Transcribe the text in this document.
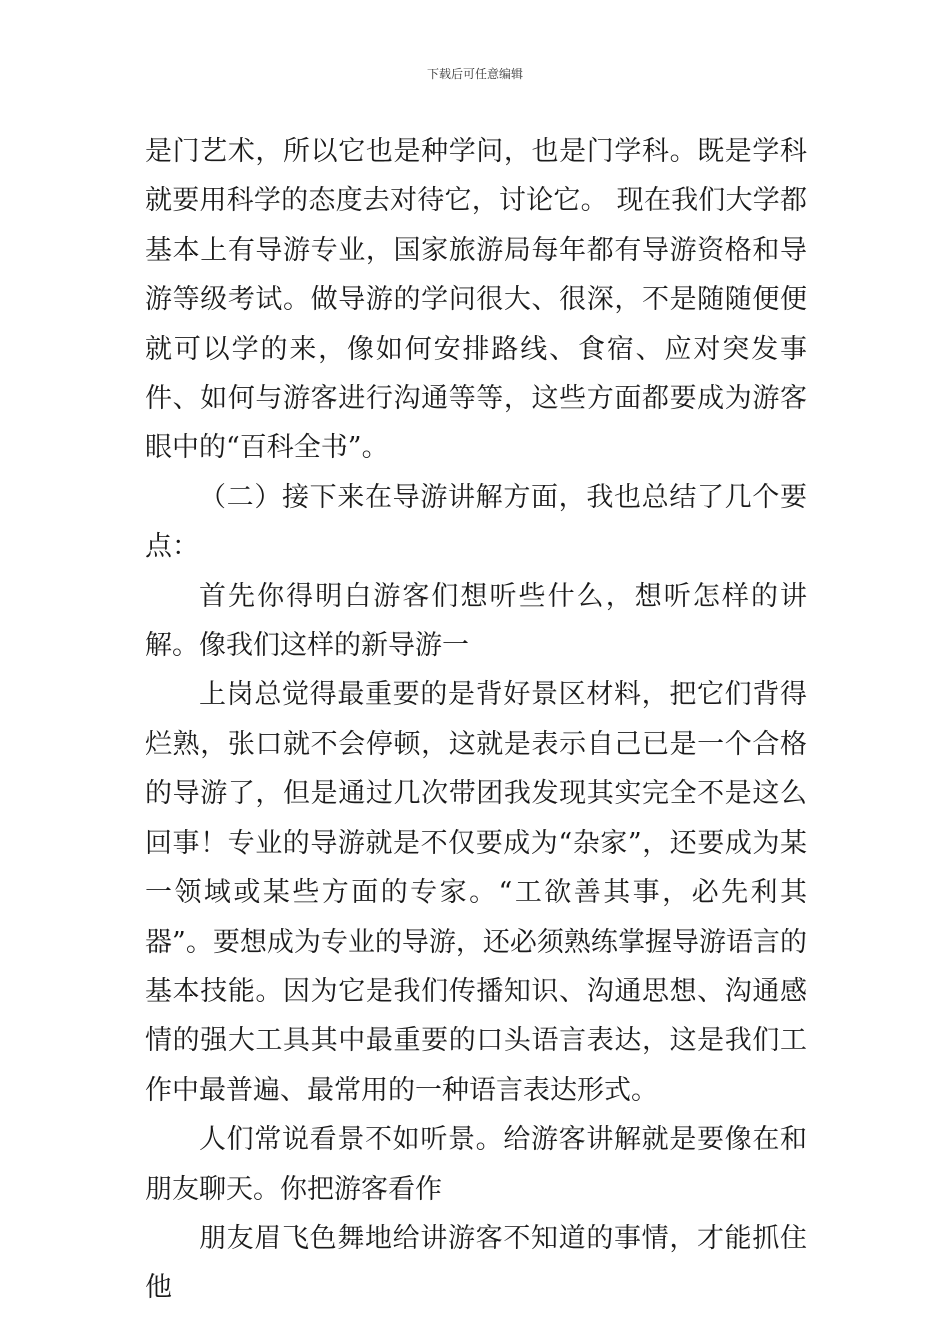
下载后可任意编辑

是门艺术，所以它也是种学问，也是门学科。既是学科就要用科学的态度去对待它，讨论它。 现在我们大学都基本上有导游专业，国家旅游局每年都有导游资格和导游等级考试。做导游的学问很大、很深，不是随随便便就可以学的来，像如何安排路线、食宿、应对突发事件、如何与游客进行沟通等等，这些方面都要成为游客眼中的“百科全书”。

（二）接下来在导游讲解方面，我也总结了几个要点：

首先你得明白游客们想听些什么，想听怎样的讲解。像我们这样的新导游一

上岗总觉得最重要的是背好景区材料，把它们背得烂熟，张口就不会停顿，这就是表示自己已是一个合格的导游了，但是通过几次带团我发现其实完全不是这么回事！专业的导游就是不仅要成为“杂家”，还要成为某一领域或某些方面的专家。“工欲善其事，必先利其器”。要想成为专业的导游，还必须熟练掌握导游语言的基本技能。因为它是我们传播知识、沟通思想、沟通感情的强大工具其中最重要的口头语言表达，这是我们工作中最普遍、最常用的一种语言表达形式。

人们常说看景不如听景。给游客讲解就是要像在和朋友聊天。你把游客看作

朋友眉飞色舞地给讲游客不知道的事情，才能抓住他
